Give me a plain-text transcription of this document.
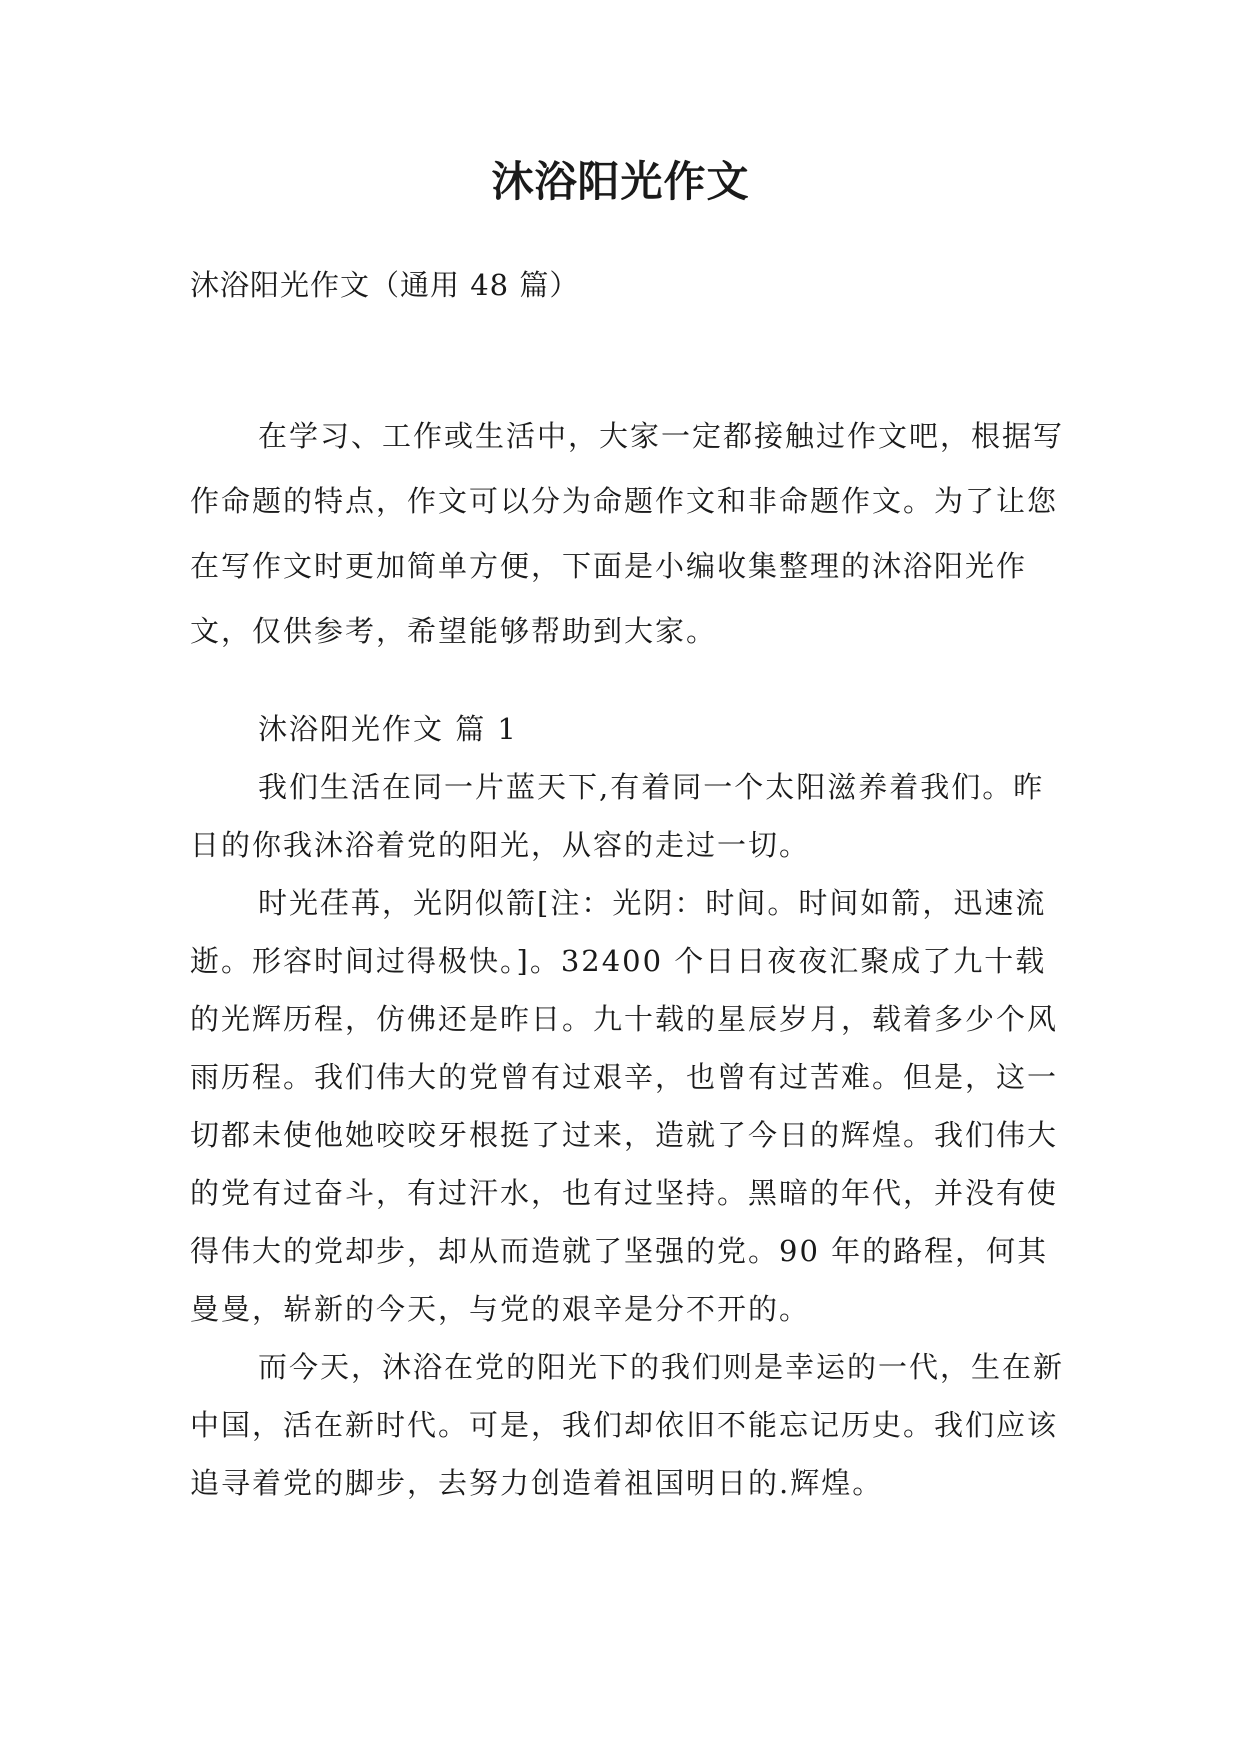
沐浴阳光作文

沐浴阳光作文（通用 48 篇）

在学习、工作或生活中，大家一定都接触过作文吧，根据写作命题的特点，作文可以分为命题作文和非命题作文。为了让您在写作文时更加简单方便，下面是小编收集整理的沐浴阳光作文，仅供参考，希望能够帮助到大家。

沐浴阳光作文 篇 1

我们生活在同一片蓝天下,有着同一个太阳滋养着我们。昨日的你我沐浴着党的阳光，从容的走过一切。

时光荏苒，光阴似箭[注：光阴：时间。时间如箭，迅速流逝。形容时间过得极快。]。32400 个日日夜夜汇聚成了九十载的光辉历程，仿佛还是昨日。九十载的星辰岁月，载着多少个风雨历程。我们伟大的党曾有过艰辛，也曾有过苦难。但是，这一切都未使他她咬咬牙根挺了过来，造就了今日的辉煌。我们伟大的党有过奋斗，有过汗水，也有过坚持。黑暗的年代，并没有使得伟大的党却步，却从而造就了坚强的党。90 年的路程，何其曼曼，崭新的今天，与党的艰辛是分不开的。

而今天，沐浴在党的阳光下的我们则是幸运的一代，生在新中国，活在新时代。可是，我们却依旧不能忘记历史。我们应该追寻着党的脚步，去努力创造着祖国明日的.辉煌。
